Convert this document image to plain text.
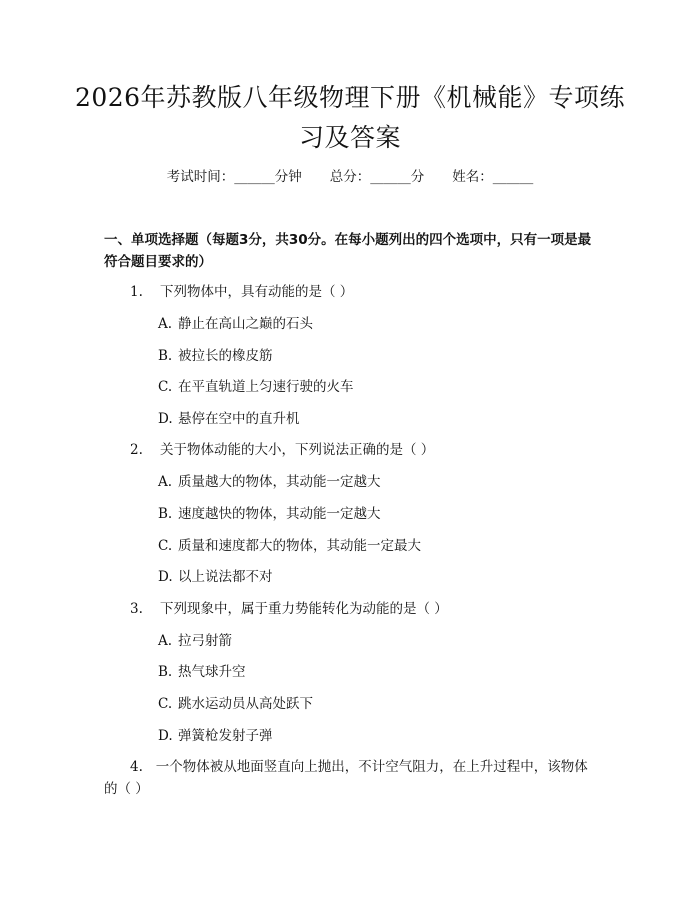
2026年苏教版八年级物理下册《机械能》专项练习及答案
考试时间：______分钟 总分：______分 姓名：______
一、单项选择题（每题3分，共30分。在每小题列出的四个选项中，只有一项是最符合题目要求的）
1. 下列物体中，具有动能的是（ ）
A. 静止在高山之巅的石头
B. 被拉长的橡皮筋
C. 在平直轨道上匀速行驶的火车
D. 悬停在空中的直升机
2. 关于物体动能的大小，下列说法正确的是（ ）
A. 质量越大的物体，其动能一定越大
B. 速度越快的物体，其动能一定越大
C. 质量和速度都大的物体，其动能一定最大
D. 以上说法都不对
3. 下列现象中，属于重力势能转化为动能的是（ ）
A. 拉弓射箭
B. 热气球升空
C. 跳水运动员从高处跃下
D. 弹簧枪发射子弹
4. 一个物体被从地面竖直向上抛出，不计空气阻力，在上升过程中，该物体的（ ）
